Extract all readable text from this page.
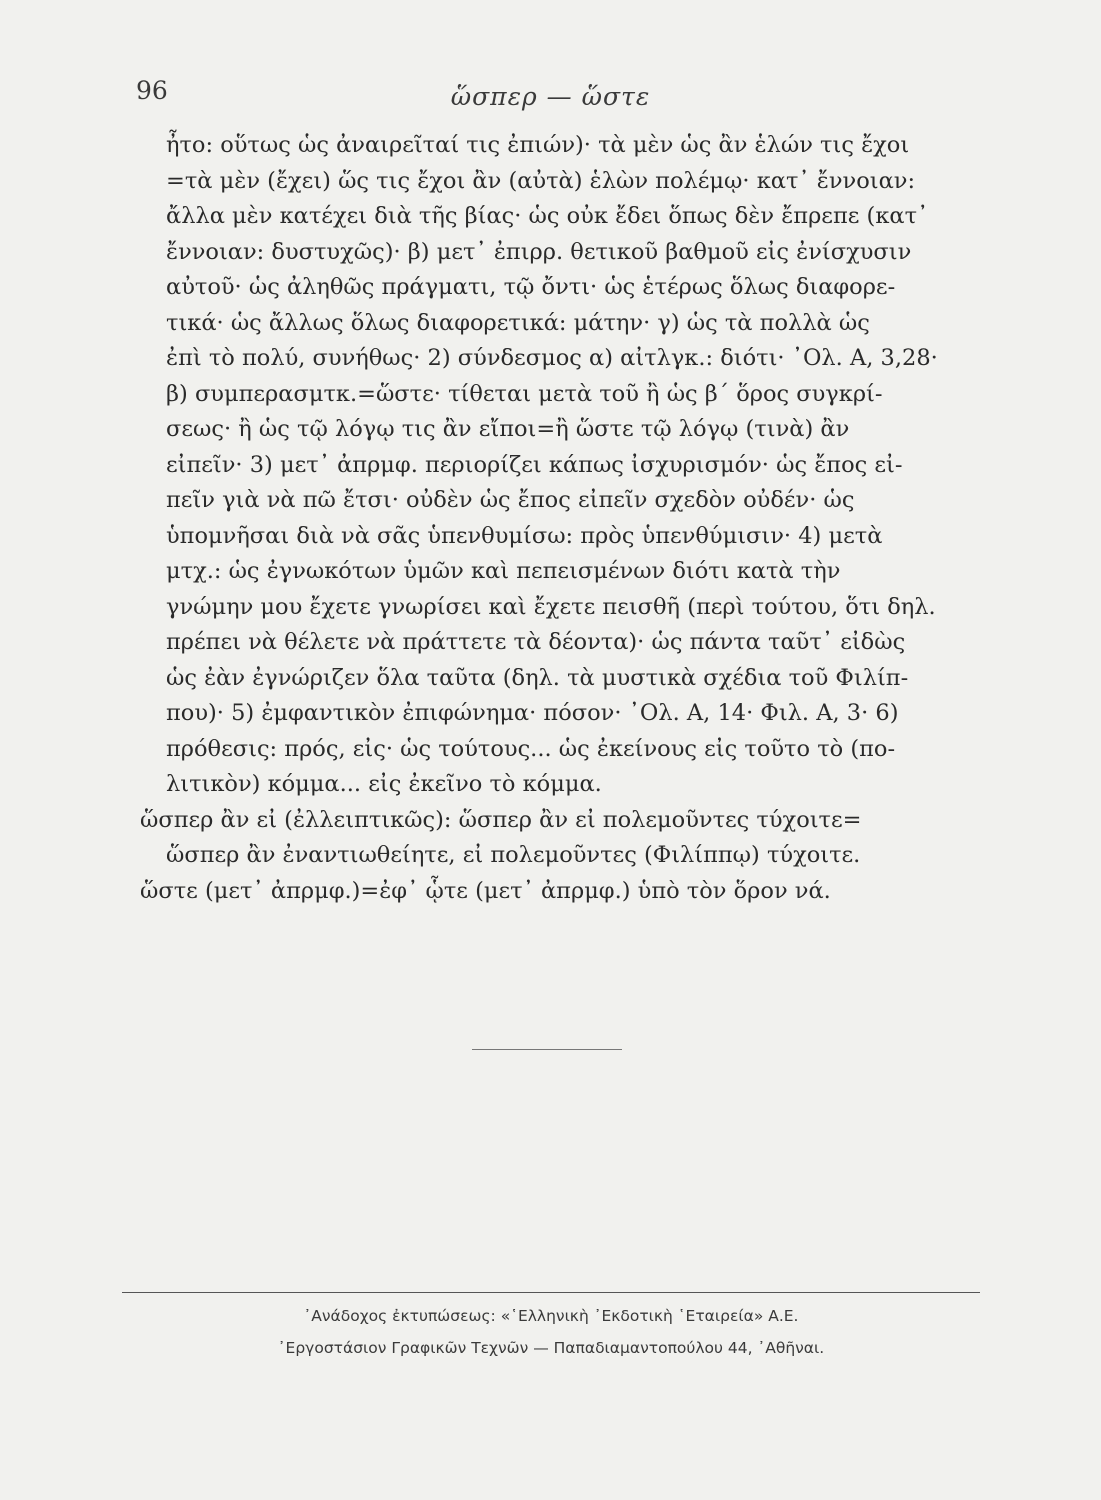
96	ὥσπερ — ὥστε
ἦτο: οὕτως ὡς ἀναιρεῖταί τις ἐπιών)· τὰ μὲν ὡς ἂν ἑλών τις ἔχοι
=τὰ μὲν (ἔχει) ὥς τις ἔχοι ἂν (αὐτὰ) ἑλὼν πολέμῳ· κατ᾿ ἔννοιαν:
ἄλλα μὲν κατέχει διὰ τῆς βίας· ὡς οὐκ ἔδει ὅπως δὲν ἔπρεπε (κατ᾿
ἔννοιαν: δυστυχῶς)· β) μετ᾿ ἐπιρρ. θετικοῦ βαθμοῦ εἰς ἐνίσχυσιν
αὐτοῦ· ὡς ἀληθῶς πράγματι, τῷ ὄντι· ὡς ἑτέρως ὅλως διαφορε-
τικά· ὡς ἄλλως ὅλως διαφορετικά: μάτην· γ) ὡς τὰ πολλὰ ὡς
ἐπὶ τὸ πολύ, συνήθως· 2) σύνδεσμος α) αἰτλγκ.: διότι· ᾿Ολ. Α, 3,28·
β) συμπερασμτκ.=ὥστε· τίθεται μετὰ τοῦ ἢ ὡς β΄ ὅρος συγκρί-
σεως· ἢ ὡς τῷ λόγῳ τις ἂν εἴποι=ἢ ὥστε τῷ λόγῳ (τινὰ) ἂν
εἰπεῖν· 3) μετ᾿ ἀπρμφ. περιορίζει κάπως ἰσχυρισμόν· ὡς ἔπος εἰ-
πεῖν γιὰ νὰ πῶ ἔτσι· οὐδὲν ὡς ἔπος εἰπεῖν σχεδὸν οὐδέν· ὡς
ὑπομνῆσαι διὰ νὰ σᾶς ὑπενθυμίσω: πρὸς ὑπενθύμισιν· 4) μετὰ
μτχ.: ὡς ἐγνωκότων ὑμῶν καὶ πεπεισμένων διότι κατὰ τὴν
γνώμην μου ἔχετε γνωρίσει καὶ ἔχετε πεισθῆ (περὶ τούτου, ὅτι δηλ.
πρέπει νὰ θέλετε νὰ πράττετε τὰ δέοντα)· ὡς πάντα ταῦτ᾿ εἰδὼς
ὡς ἐὰν ἐγνώριζεν ὅλα ταῦτα (δηλ. τὰ μυστικὰ σχέδια τοῦ Φιλίπ-
που)· 5) ἐμφαντικὸν ἐπιφώνημα· πόσον· ᾿Ολ. Α, 14· Φιλ. Α, 3· 6)
πρόθεσις: πρός, εἰς· ὡς τούτους... ὡς ἐκείνους εἰς τοῦτο τὸ (πο-
λιτικὸν) κόμμα... εἰς ἐκεῖνο τὸ κόμμα.
ὥσπερ ἂν εἰ (ἐλλειπτικῶς): ὥσπερ ἂν εἰ πολεμοῦντες τύχοιτε=
ὥσπερ ἂν ἐναντιωθείητε, εἰ πολεμοῦντες (Φιλίππῳ) τύχοιτε.
ὥστε (μετ᾿ ἀπρμφ.)=ἐφ᾿ ᾧτε (μετ᾿ ἀπρμφ.) ὑπὸ τὸν ὅρον νά.
᾿Ανάδοχος ἐκτυπώσεως: «῾Ελληνικὴ ᾿Εκδοτικὴ ῾Εταιρεία» Α.Ε.
᾿Εργοστάσιον Γραφικῶν Τεχνῶν — Παπαδιαμαντοπούλου 44, ᾿Αθῆναι.
